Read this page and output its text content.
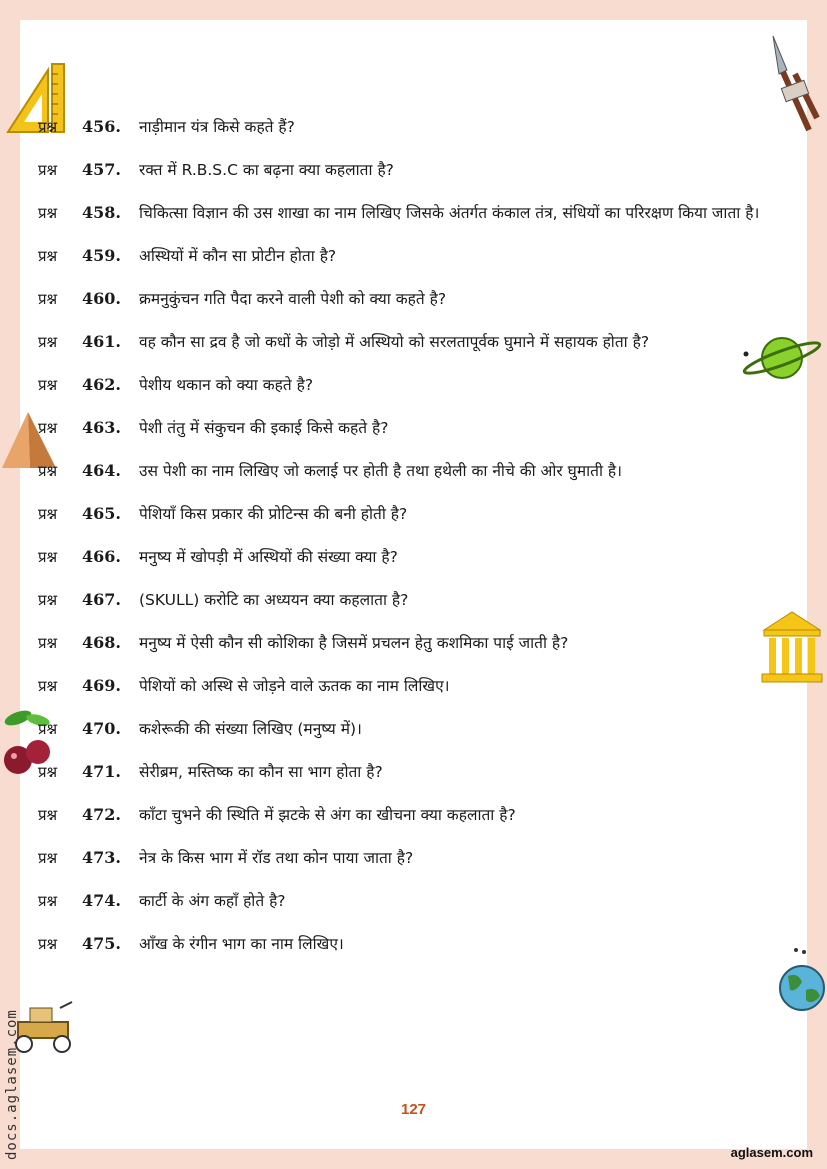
प्रश्न	456.	नाड़ीमान यंत्र किसे कहते हैं?
प्रश्न	457.	रक्त में R.B.S.C का बढ़ना क्या कहलाता है?
प्रश्न	458.	चिकित्सा विज्ञान की उस शाखा का नाम लिखिए जिसके अंतर्गत कंकाल तंत्र, संधियों का परिरक्षण किया जाता है।
प्रश्न	459.	अस्थियों में कौन सा प्रोटीन होता है?
प्रश्न	460.	क्रमनुकुंचन गति पैदा करने वाली पेशी को क्या कहते है?
प्रश्न	461.	वह कौन सा द्रव है जो कधों के जोड़ो में अस्थियो को सरलतापूर्वक घुमाने में सहायक होता है?
प्रश्न	462.	पेशीय थकान को क्या कहते है?
प्रश्न	463.	पेशी तंतु में संकुचन की इकाई किसे कहते है?
प्रश्न	464.	उस पेशी का नाम लिखिए जो कलाई पर होती है तथा हथेली का नीचे की ओर घुमाती है।
प्रश्न	465.	पेशियाँ किस प्रकार की प्रोटिन्स की बनी होती है?
प्रश्न	466.	मनुष्य में खोपड़ी में अस्थियों की संख्या क्या है?
प्रश्न	467.	(SKULL) करोटि का अध्ययन क्या कहलाता है?
प्रश्न	468.	मनुष्य में ऐसी कौन सी कोशिका है जिसमें प्रचलन हेतु कशमिका पाई जाती है?
प्रश्न	469.	पेशियों को अस्थि से जोड़ने वाले ऊतक का नाम लिखिए।
प्रश्न	470.	कशेरूकी की संख्या लिखिए (मनुष्य में)।
प्रश्न	471.	सेरीब्रम, मस्तिष्क का कौन सा भाग होता है?
प्रश्न	472.	काँटा चुभने की स्थिति में झटके से अंग का खीचना क्या कहलाता है?
प्रश्न	473.	नेत्र के किस भाग में रॉड तथा कोन पाया जाता है?
प्रश्न	474.	कार्टी के अंग कहाँ होते है?
प्रश्न	475.	आँख के रंगीन भाग का नाम लिखिए।
127
aglasem.com
docs.aglasem.com
